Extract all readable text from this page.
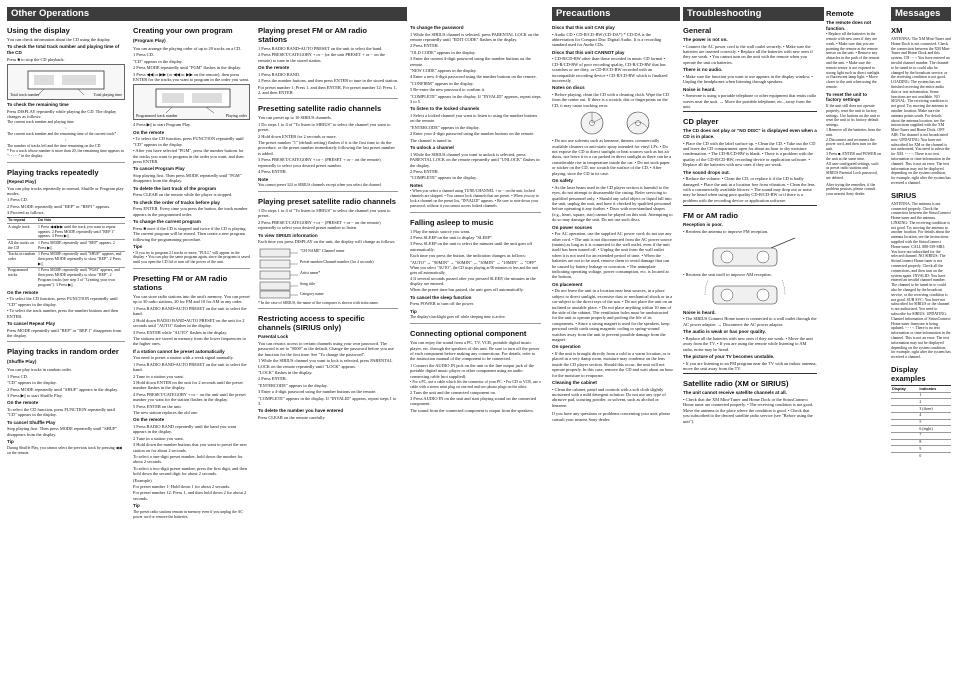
Other Operations
Using the display
You can check information about the CD using the display.
To check the total track number and playing time of the CD
Press ■ to stop the CD playback.
Total track number	Total playing time
To check the remaining time
Press DISPLAY repeatedly while playing the CD. The display changes as follows:
The current track number and playing time
↓
The current track number and the remaining time of the current track*
↓
The number of tracks left and the time remaining on the CD
* For a track whose number is more than 20, the remaining time appears as "- - : - -" in the display.
Playing tracks repeatedly
(Repeat Play)
You can play tracks repeatedly in normal, Shuffle or Program play modes.
1 Press CD.
2 Press MODE repeatedly until "REP" or "REP1" appears.
3 Proceed as follows.
To repeat	Do this
A single track	1 Press ◀◀/▶▶ until the track you want to repeat appears. 2 Press MODE repeatedly until "REP 1" appears. 3 Press ▶||.
All the tracks on the CD	1 Press MODE repeatedly until "REP" appears. 2 Press ▶||.
Tracks in random order	1 Press MODE repeatedly until "SHUF" appears, and then press MODE repeatedly to show "REP". 2 Press ▶||.
Programmed tracks	1 Press MODE repeatedly until "PGM" appears, and then press MODE repeatedly to show "REP". 2 Program tracks (see step 3 of "Creating your own program"). 3 Press ▶||.
On the remote
• To select the CD function, press FUNCTION repeatedly until "CD" appears in the display.
• To select the track number, press the number buttons and then ENTER.
To cancel Repeat Play
Press MODE repeatedly until "REP" or "REP 1" disappears from the display.
Playing tracks in random order (Shuffle Play)
You can play tracks in random order.
1 Press CD.
"CD" appears in the display.
2 Press MODE repeatedly until "SHUF" appears in the display.
3 Press ▶|| to start Shuffle Play.
On the remote
To select the CD function, press FUNCTION repeatedly until "CD" appears in the display.
To cancel Shuffle Play
Stop playing first. Then press MODE repeatedly until "SHUF" disappears from the display.
Tip
During Shuffle Play, you cannot select the previous track by pressing ◀◀ on the remote.
Creating your own program (Program Play)
You can arrange the playing order of up to 20 tracks on a CD.
1 Press CD.
"CD" appears in the display.
2 Press MODE repeatedly until "PGM" flashes in the display.
3 Press ◀◀ or ▶▶ (or ◀◀ or ▶▶ on the remote), then press ENTER for the tracks you want to program in the order you want.
Programmed track number	Playing order
4 Press ▶|| to start Program Play.
On the remote
• To select the CD function, press FUNCTION repeatedly until "CD" appears in the display.
• After you have selected "PGM", press the number buttons for the tracks you want to program in the order you want, and then press ENTER.
To cancel Program Play
Stop playing first. Then press MODE repeatedly until "PGM" disappears from the display.
To delete the last track of the program
Press CLEAR on the remote while the player is stopped.
To check the order of tracks before play
Press ENTER. Every time you press the button, the track number appears in the programmed order.
To change the current program
Press ■ once if the CD is stopped and twice if the CD is playing. The current program will be erased. Then create a new program following the programming procedure.
Tips
• If you try to program 21 tracks or more, "FULL" will appear in the display. • You can play the same program again, since the program is saved until you open the CD lid or turn off the power of the unit.
Presetting FM or AM radio stations
You can store radio stations into the unit's memory. You can preset up to 30 radio stations, 20 for FM and 10 for AM in any order.
1 Press RADIO BAND•AUTO PRESET on the unit to select the band.
2 Hold down RADIO BAND•AUTO PRESET on the unit for 2 seconds until "AUTO" flashes in the display.
3 Press ENTER while "AUTO" flashes in the display.
The stations are stored in memory from the lower frequencies to the higher ones.
If a station cannot be preset automatically
You need to preset a station with a weak signal manually.
1 Press RADIO BAND•AUTO PRESET on the unit to select the band.
2 Tune in a station you want.
3 Hold down ENTER on the unit for 2 seconds until the preset number flashes in the display.
4 Press PRESET/CATEGORY + or − on the unit until the preset number you want for the station flashes in the display.
5 Press ENTER on the unit.
The new station replaces the old one.
On the remote
1 Press RADIO BAND repeatedly until the band you want appears in the display.
2 Tune in a station you want.
3 Hold down the number buttons that you want to preset the new station on for about 2 seconds.
To select a one-digit preset number, hold down the number for about 2 seconds.
To select a two-digit preset number, press the first digit, and then hold down the second digit for about 2 seconds.
(Example)
For preset number 1: Hold down 1 for about 2 seconds.
For preset number 12: Press 1, and then hold down 2 for about 2 seconds.
Tip
The preset radio stations remain in memory even if you unplug the AC power cord or remove the batteries.
Playing preset FM or AM radio stations
1 Press RADIO BAND•AUTO PRESET on the unit to select the band.
2 Press PRESET/CATEGORY + or − (or the unit PRESET + or − on the remote) to tune in the stored station.
On the remote
1 Press RADIO BAND.
2 Press the number buttons, and then press ENTER to tune in the stored station.
For preset number 1: Press 1, and then ENTER. For preset number 12: Press 1, 2, and then ENTER.
Presetting satellite radio channels
You can preset up to 10 SIRIUS channels.
1 Do steps 1 to 4 of "To listen to SIRIUS" to select the channel you want to preset.
2 Hold down ENTER for 2 seconds or more.
The preset number "1" (default setting) flashes if it is the first time to do the procedure, or the preset number immediately following the last preset number is added.
3 Press PRESET/CATEGORY + or − (PRESET + or − on the remote) repeatedly to select your desired preset number.
4 Press ENTER.
Note
You cannot preset 324 or SIRIUS channels except when you select the channel.
Playing preset satellite radio channels
1 Do steps 1 to 4 of "To listen to SIRIUS" to select the channel you want to preset.
2 Press PRESET/CATEGORY + or − (PRESET + or − on the remote) repeatedly to select your desired preset number to listen.
To view SIRIUS information
Each time you press DISPLAY on the unit, the display will change as follows:
"CH NAME" Channel name
Preset number/Channel number (for 4 seconds)
Artist name*
Song title
Category name
* In the case of SIRIUS, the name of the composer is shown with artist name.
Restricting access to specific channels (SIRIUS only)
Parental Lock
You can restrict access to certain channels using your own password. The password is set to "0000" as the default. Change the password before you use the function for the first time. See "To change the password".
1 While the SIRIUS channel you want to lock is selected, press PARENTAL LOCK on the remote repeatedly until "LOCK" appears.
"LOCK" flashes in the display.
2 Press ENTER.
"ENTERCODE" appears in the display.
3 Enter a 4-digit password using the number buttons on the remote.
"COMPLETE" appears in the display. If "INVALID" appears, repeat steps 1 to 3.
To delete the number you have entered
Press CLEAR on the remote carefully.
To change the password
1 While the SIRIUS channel is selected, press PARENTAL LOCK on the remote repeatedly until "EDIT CODE" flashes in the display.
2 Press ENTER.
"OLD CODE" appears in the display.
3 Enter the current 4-digit password using the number buttons on the remote.
"NEW CODE" appears in the display.
4 Enter a new 4-digit password using the number buttons on the remote.
"CONFIRM" appears in the display.
5 Re-enter the new password to confirm it.
"COMPLETE" appears in the display. If "INVALID" appears, repeat steps 3 to 5.
To listen to the locked channels
1 Select a locked channel you want to listen to using the number buttons on the remote.
"ENTERCODE" appears in the display.
2 Enter your 4-digit password using the number buttons on the remote.
The channel is tuned in.
To unlock a channel
1 While the SIRIUS channel you want to unlock is selected, press PARENTAL LOCK on the remote repeatedly until "UNLOCK" flashes in the display.
2 Press ENTER.
"COMPLETE" appears in the display.
Notes
• When you select a channel using TUNE/CHANNEL + or − on the unit, locked channels are skipped. • You cannot lock channels that are preset. • When you try to lock a channel on the preset list, "INVALID" appears. • Be sure to note down your password; without it you cannot access locked channels.
Falling asleep to music
1 Play the music source you want.
2 Press SLEEP on the unit to display "SLEEP".
3 Press SLEEP on the unit to select the minutes until the unit goes off automatically.
Each time you press the button, the indication changes as follows:
"AUTO" → "90MIN" → "60MIN" → "30MIN" → "10MIN" → "OFF"
When you select "AUTO", the CD stops playing in 90 minutes or less and the unit goes off automatically.
4 If several seconds passed after you pressed SLEEP, the minutes in the display are entered.
When the preset time has passed, the unit goes off automatically.
To cancel the sleep function
Press POWER to turn off the power.
Tip
The display's backlight goes off while sleeping time is active.
Connecting optional component
You can enjoy the sound from a PC, TV, VCR, portable digital music player, etc. through the speakers of this unit. Be sure to turn off the power of each component before making any connections. For details, refer to the instruction manual of the component to be connected.
1 Connect the AUDIO IN jack on the unit to the line output jack of the portable digital music player or other component using an audio connecting cable (not supplied).
• For a PC, use a cable which fits the connector of your PC. • For CD or VCR, use a cable with a stereo mini plug on one end and two phono plugs on the other.
2 Turn the unit and the connected component on.
3 Press AUDIO IN on the unit and start playing sound on the connected component.
The sound from the connected component is output from the speakers.
Precautions
Discs that this unit CAN play
• Audio CD • CD-R/CD-RW (CD-DA*) * CD-DA is the abbreviation for Compact Disc Digital Audio. It is a recording standard used for Audio CDs.
Discs that this unit CANNOT play
• CD-R/CD-RW other than those recorded in music CD format • CD-R/CD-RW of poor recording quality, CD-R/CD-RW that has scratches or are dirty, or CD-R/CD-RW recorded with an incompatible recording device • CD-R/CD-RW which is finalized incorrectly
Notes on discs
• Before playing, clean the CD with a cleaning cloth. Wipe the CD from the center out. If there is a scratch, dirt or fingerprints on the CD, it may cause tracking error.
• Do not use solvents such as benzene, thinner, commercially available cleaners or anti-static spray intended for vinyl LPs. • Do not expose the CD to direct sunlight or heat sources such as hot air ducts, nor leave it in a car parked in direct sunlight as there can be a considerable rise in temperature inside the car. • Do not stick paper or sticker on the CD, nor scratch the surface of the CD. • After playing, store the CD in its case.
On safety
• As the laser beam used in the CD player section is harmful to the eyes, do not attempt to disassemble the casing. Refer servicing to qualified personnel only. • Should any solid object or liquid fall into the unit, unplug the unit, and have it checked by qualified personnel before operating it any further. • Discs with non-standard shapes (e.g., heart, square, star) cannot be played on this unit. Attempting to do so may damage the unit. Do not use such discs.
On power sources
• For AC operation, use the supplied AC power cord; do not use any other cord. • The unit is not disconnected from the AC power source (mains) as long as it is connected to the wall outlet, even if the unit itself has been turned off. • Unplug the unit from the wall outlet when it is not used for an extended period of time. • When the batteries are not to be used, remove them to avoid damage that can be caused by battery leakage or corrosion. • The nameplate indicating operating voltage, power consumption, etc. is located at the bottom.
On placement
• Do not leave the unit in a location near heat sources, in a place subject to direct sunlight, excessive dust or mechanical shock or in a car subject to the direct rays of the sun. • Do not place the unit on an inclined or unstable place. • Do not place anything within 10 mm of the side of the cabinet. The ventilation holes must be unobstructed for the unit to operate properly and prolong the life of its components. • Since a strong magnet is used for the speakers, keep personal credit cards using magnetic coding or spring-wound watches away from the unit to prevent possible damage from the magnet.
On operation
• If the unit is brought directly from a cold to a warm location, or is placed in a very damp room, moisture may condense on the lens inside the CD player section. Should this occur, the unit will not operate properly. In this case, remove the CD and wait about an hour for the moisture to evaporate.
Cleaning the cabinet
• Clean the cabinet, panel and controls with a soft cloth slightly moistened with a mild detergent solution. Do not use any type of abrasive pad, scouring powder, or solvent, such as alcohol or benzene.
If you have any questions or problems concerning your unit, please consult your nearest Sony dealer.
Troubleshooting
General
The power is not on.
• Connect the AC power cord to the wall outlet securely. • Make sure the batteries are inserted correctly. • Replace all the batteries with new ones if they are weak. • You cannot turn on the unit with the remote when you operate the unit on batteries.
There is no audio.
• Make sure the function you want to use appears in the display window. • Unplug the headphones when listening through speakers.
Noise is heard.
• Someone is using a portable telephone or other equipment that emits radio waves near the unit. → Move the portable telephone, etc., away from the unit.
CD player
The CD does not play or "NO DISC" is displayed even when a CD is in place.
• Place the CD with the label surface up. • Clean the CD. • Take out the CD and leave the CD compartment open for about an hour to dry moisture condensation. • The CD-R/CD-RW is blank. • There is a problem with the quality of the CD-R/CD-RW, recording device or application software. • Replace all the batteries with new ones if they are weak.
The sound drops out.
• Reduce the volume. • Clean the CD, or replace it if the CD is badly damaged. • Place the unit in a location free from vibration. • Clean the lens with a commercially available blower. • The sound may drop out or noise may be heard when using poor quality CD-R/CD-RW or if there is a problem with the recording device or application software.
FM or AM radio
Reception is poor.
• Reorient the antenna to improve FM reception.
• Reorient the unit itself to improve AM reception.
Noise is heard.
• The SIRIUS Connect Home tuner is connected to a wall outlet through the AC power adaptor. → Disconnect the AC power adaptor.
The audio is weak or has poor quality.
• Replace all the batteries with new ones if they are weak. • Move the unit away from the TV. • If you are using the remote while listening to AM radio, noise may be heard.
The picture of your TV becomes unstable.
• If you are listening to an FM program near the TV with an indoor antenna, move the unit away from the TV.
Satellite radio (XM or SIRIUS)
The unit cannot receive satellite channels at all.
• Check that the XM Mini-Tuner and Home Dock or the SiriusConnect Home tuner are connected properly. • The receiving condition is not good. Move the antenna to the place where the condition is good. • Check that you subscribed to the desired satellite radio service (see "Before using the unit").
Remote
The remote does not function.
• Replace all the batteries in the remote with new ones if they are weak. • Make sure that you are pointing the remote at the remote sensor on the unit. • Remove any obstacles in the path of the remote and the unit. • Make sure the remote sensor is not exposed to strong light such as direct sunlight or fluorescent lamp light. • Move closer to the unit when using the remote.
To reset the unit to factory settings
If the unit still does not operate properly, reset the unit to factory settings. Use buttons on the unit to reset the unit to its factory default settings.
1 Remove all the batteries from the unit.
2 Disconnect and reconnect the power cord, and then turn on the unit.
3 Press ■, ENTER and POWER on the unit at the same time.
All user-configured settings, such as preset radio stations and SIRIUS Parental Lock password, are deleted.
After trying the remedies, if the problem persists, please consult your nearest Sony dealer.
Messages
XM
ANTENNA: The XM Mini-Tuner and Home Dock is not connected. Check the connection between the XM Mini-Tuner and Home Dock and this system. CH - - -: You have entered an invalid channel number. The channel to be tuned in to could also be changed by the broadcast service, or the receiving condition is not good. LOADING: The system has not finished receiving the entire audio data or text information. Some functions are not available. NO SIGNAL: The receiving condition is not good. Try moving the antenna to another location. Make sure the antenna points south. For details about the antenna location, see the instructions supplied with the XM Mini-Tuner and Home Dock. OFF AIR: The channel is not broadcasted now. UPDATING: You have not subscribed for XM or the channel is not authorized. You need to subscribe for XM. - - - -: There is no text information or time information in the channel. This is not an error. The text information may not be displayed depending on the system condition, for example, right after the system has received a channel.
SIRIUS
ANTENNA: The antenna is not connected properly. Check the connection between the SiriusConnect Home tuner and the antenna. LINKING: The receiving condition is not good. Try moving the antenna to another location. For details about the antenna location, see the instructions supplied with the SiriusConnect Home tuner. CALL 888-539-SIRI: You have not subscribed for the selected channel. NO SIRIUS: The SiriusConnect Home tuner is not connected properly. Check all the connections, and then turn on the system again. INVALID: You have entered an invalid channel number. The channel to be tuned in to could also be changed by the broadcast service, or the receiving condition is not good. SUB SVC: You have not subscribed for SIRIUS or the channel is not authorized. You need to subscribe for SIRIUS. UPDATING: Channel information of SiriusConnect Home tuner firmware is being updated. - - - -: There is no text information or time information in the channel. This is not an error. The text information may not be displayed depending on the system condition, for example, right after the system has received a channel.
Display examples
Display	Indicates
	1
	2
	3 (three)
	4
	5
	6 (eight)
	7
	8
	9
	0
